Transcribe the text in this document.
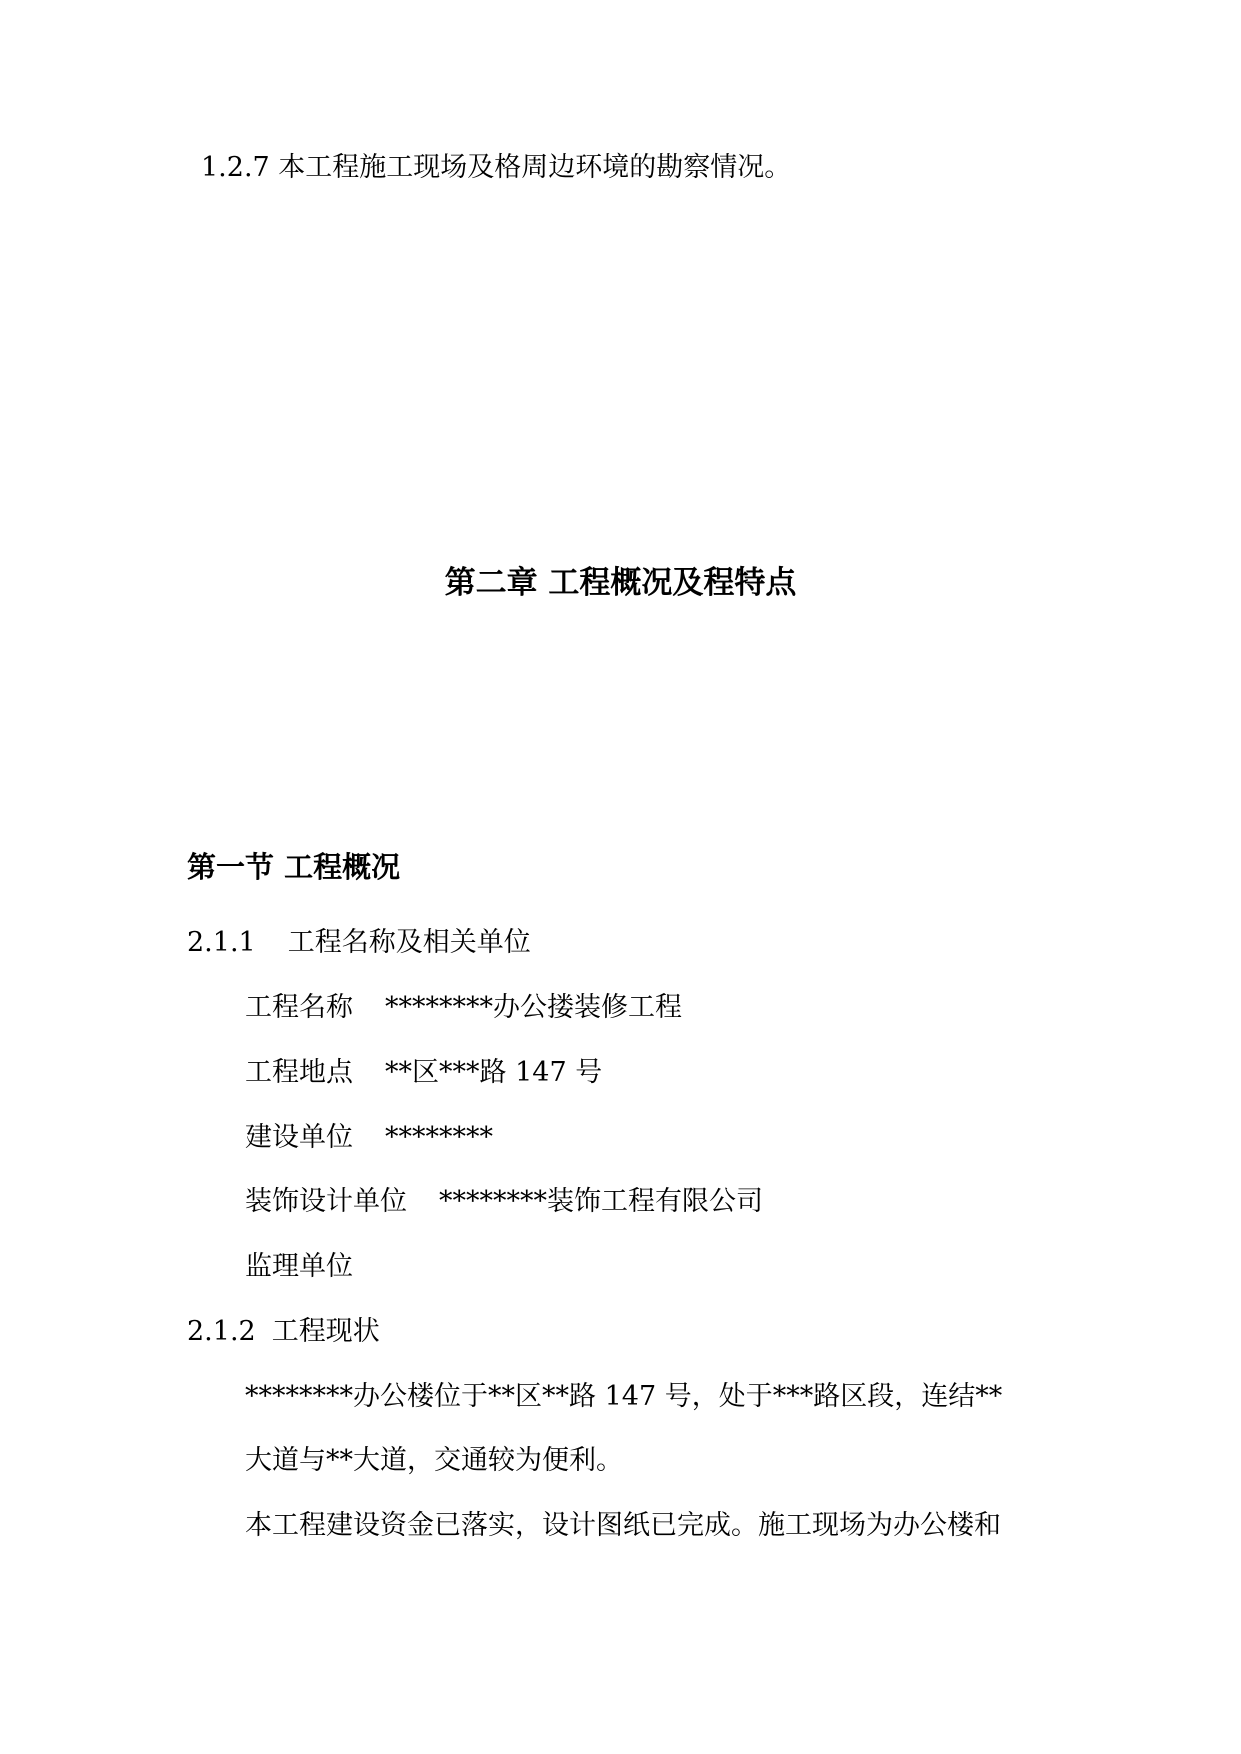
1.2.7 本工程施工现场及格周边环境的勘察情况。
第二章 工程概况及程特点
第一节 工程概况
2.1.1 工程名称及相关单位
工程名称 ********办公搂装修工程
工程地点 **区***路 147 号
建设单位 ********
装饰设计单位 ********装饰工程有限公司
监理单位
2.1.2 工程现状
********办公楼位于**区**路 147 号，处于***路区段，连结**
大道与**大道，交通较为便利。
本工程建设资金已落实，设计图纸已完成。施工现场为办公楼和
